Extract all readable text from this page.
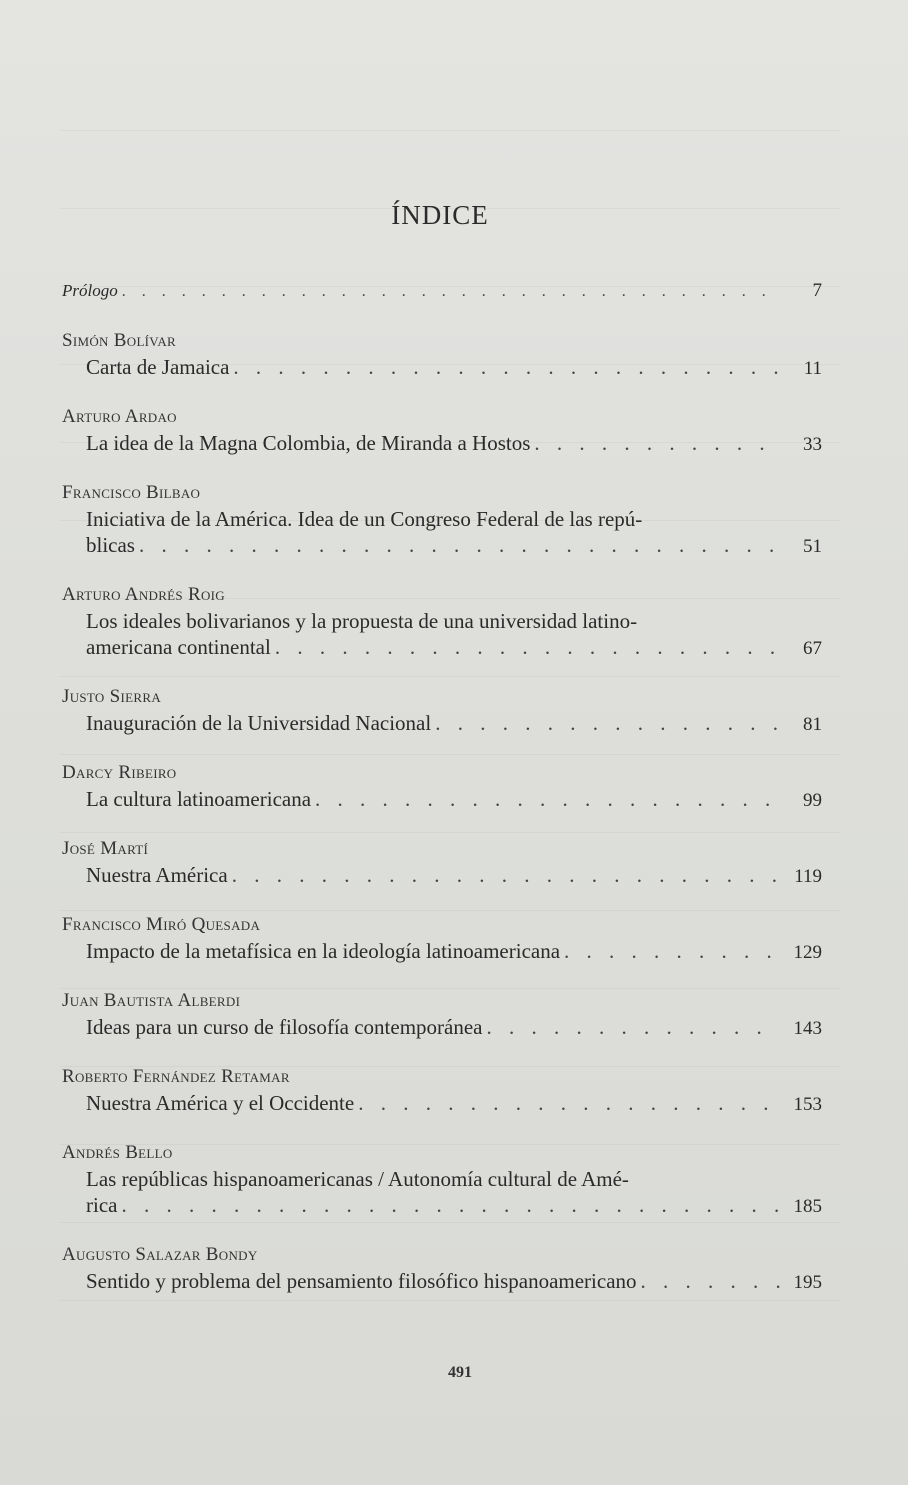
ÍNDICE
Prólogo . . .	7
Simón Bolívar
Carta de Jamaica . . .	11
Arturo Ardao
La idea de la Magna Colombia, de Miranda a Hostos . . .	33
Francisco Bilbao
Iniciativa de la América. Idea de un Congreso Federal de las repú-
blicas . . .	51
Arturo Andrés Roig
Los ideales bolivarianos y la propuesta de una universidad latino-
americana continental . . .	67
Justo Sierra
Inauguración de la Universidad Nacional . . .	81
Darcy Ribeiro
La cultura latinoamericana . . .	99
José Martí
Nuestra América . . .	119
Francisco Miró Quesada
Impacto de la metafísica en la ideología latinoamericana . . .	129
Juan Bautista Alberdi
Ideas para un curso de filosofía contemporánea . . .	143
Roberto Fernández Retamar
Nuestra América y el Occidente . . .	153
Andrés Bello
Las repúblicas hispanoamericanas / Autonomía cultural de Amé-
rica . . .	185
Augusto Salazar Bondy
Sentido y problema del pensamiento filosófico hispanoamericano . . .	195
491
